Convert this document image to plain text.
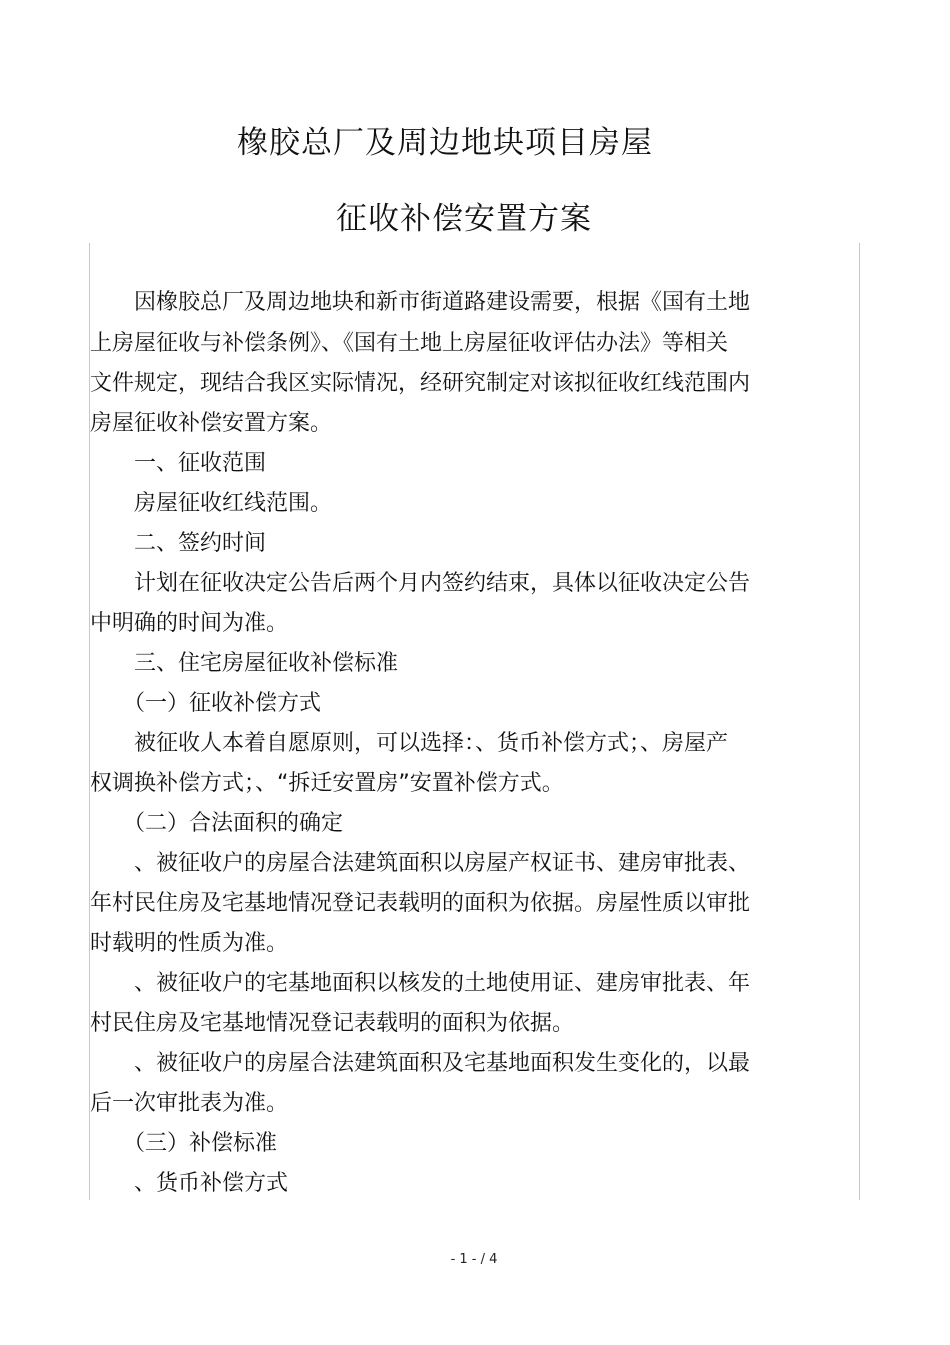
橡胶总厂及周边地块项目房屋
征收补偿安置方案
　　因橡胶总厂及周边地块和新市街道路建设需要，根据《国有土地
上房屋征收与补偿条例》、《国有土地上房屋征收评估办法》等相关
文件规定，现结合我区实际情况，经研究制定对该拟征收红线范围内
房屋征收补偿安置方案。
　　一、征收范围
　　房屋征收红线范围。
　　二、签约时间
　　计划在征收决定公告后两个月内签约结束，具体以征收决定公告
中明确的时间为准。
　　三、住宅房屋征收补偿标准
　　（一）征收补偿方式
　　被征收人本着自愿原则，可以选择：、货币补偿方式；、房屋产
权调换补偿方式；、“拆迁安置房”安置补偿方式。
　　（二）合法面积的确定
　　、被征收户的房屋合法建筑面积以房屋产权证书、建房审批表、
年村民住房及宅基地情况登记表载明的面积为依据。房屋性质以审批
时载明的性质为准。
　　、被征收户的宅基地面积以核发的土地使用证、建房审批表、年
村民住房及宅基地情况登记表载明的面积为依据。
　　、被征收户的房屋合法建筑面积及宅基地面积发生变化的，以最
后一次审批表为准。
　　（三）补偿标准
　　、货币补偿方式
- 1 - / 4
